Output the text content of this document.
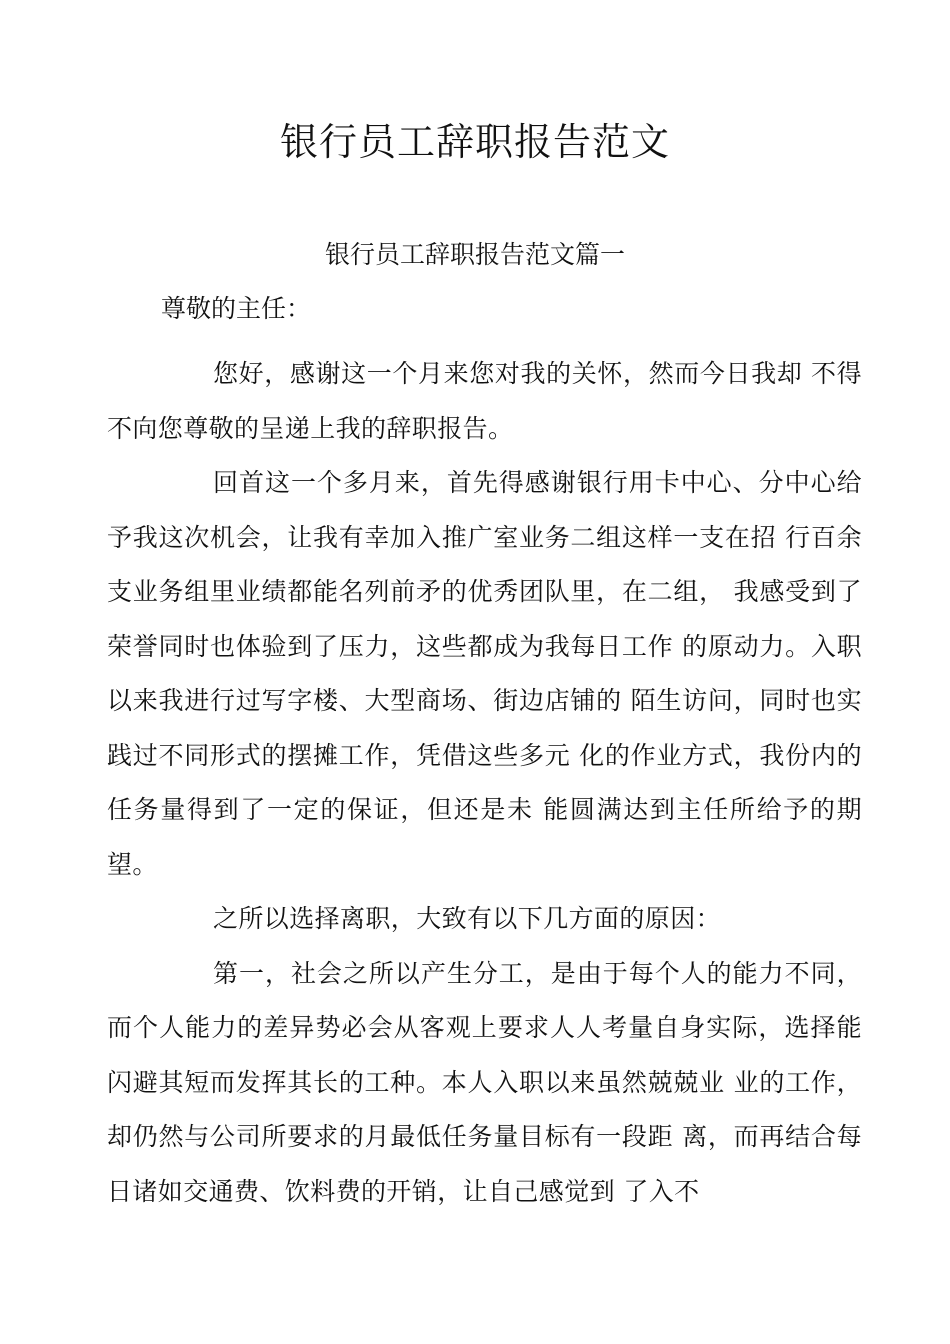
银行员工辞职报告范文
银行员工辞职报告范文篇一

尊敬的主任：

您好，感谢这一个月来您对我的关怀，然而今日我却 不得不向您尊敬的呈递上我的辞职报告。

回首这一个多月来，首先得感谢银行用卡中心、分中心给予我这次机会，让我有幸加入推广室业务二组这样一支在招 行百余支业务组里业绩都能名列前矛的优秀团队里，在二组， 我感受到了荣誉同时也体验到了压力，这些都成为我每日工作 的原动力。入职以来我进行过写字楼、大型商场、街边店铺的 陌生访问，同时也实践过不同形式的摆摊工作，凭借这些多元 化的作业方式，我份内的任务量得到了一定的保证，但还是未 能圆满达到主任所给予的期望。

之所以选择离职，大致有以下几方面的原因：

第一，社会之所以产生分工，是由于每个人的能力不同，而个人能力的差异势必会从客观上要求人人考量自身实际，选择能闪避其短而发挥其长的工种。本人入职以来虽然兢兢业 业的工作，却仍然与公司所要求的月最低任务量目标有一段距 离，而再结合每日诸如交通费、饮料费的开销，让自己感觉到 了入不
